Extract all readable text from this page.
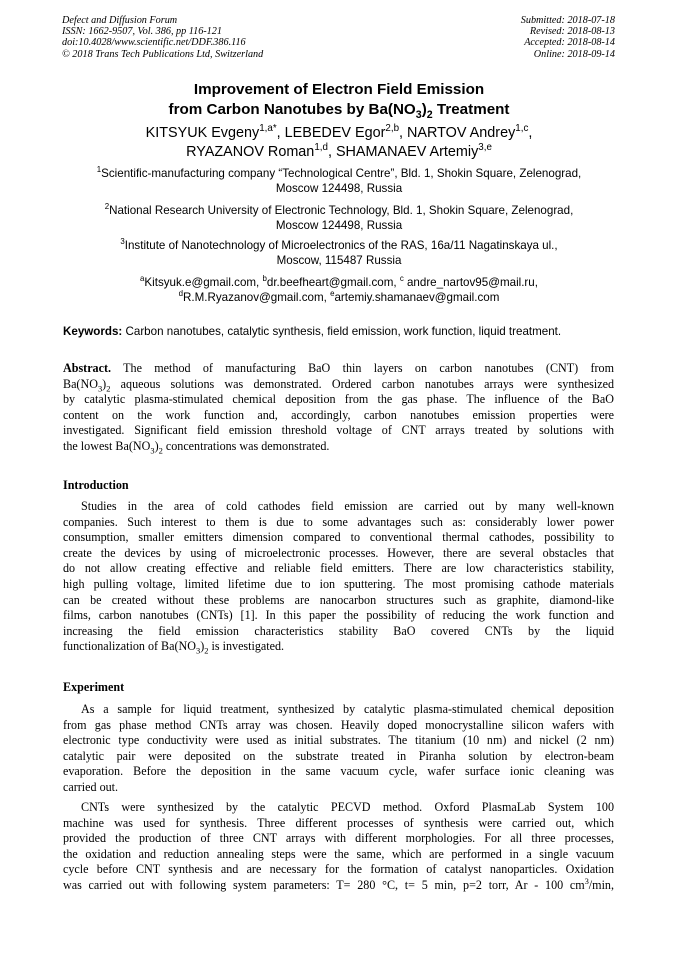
Defect and Diffusion Forum
ISSN: 1662-9507, Vol. 386, pp 116-121
doi:10.4028/www.scientific.net/DDF.386.116
© 2018 Trans Tech Publications Ltd, Switzerland
Submitted: 2018-07-18
Revised: 2018-08-13
Accepted: 2018-08-14
Online: 2018-09-14
Improvement of Electron Field Emission
from Carbon Nanotubes by $Ba(NO_3)_2$ Treatment
KITSYUK Evgeny$^{1,a*}$, LEBEDEV Egor$^{2,b}$, NARTOV Andrey$^{1,c}$,
RYAZANOV Roman$^{1,d}$, SHAMANAEV Artemiy$^{3,e}$
$^1$Scientific-manufacturing company “Technological Centre”, Bld. 1, Shokin Square, Zelenograd,
Moscow 124498, Russia
$^2$National Research University of Electronic Technology, Bld. 1, Shokin Square, Zelenograd,
Moscow 124498, Russia
$^3$Institute of Nanotechnology of Microelectronics of the RAS, 16a/11 Nagatinskaya ul.,
Moscow, 115487 Russia
$^a$Kitsyuk.e@gmail.com, $^b$dr.beefheart@gmail.com, $^c$ andre_nartov95@mail.ru,
$^d$R.M.Ryazanov@gmail.com, $^e$artemiy.shamanaev@gmail.com
Keywords: Carbon nanotubes, catalytic synthesis, field emission, work function, liquid treatment.
Abstract. The method of manufacturing BaO thin layers on carbon nanotubes (CNT) from
$Ba(NO_3)_2$ aqueous solutions was demonstrated. Ordered carbon nanotubes arrays were synthesized
by catalytic plasma-stimulated chemical deposition from the gas phase. The influence of the BaO
content on the work function and, accordingly, carbon nanotubes emission properties were
investigated. Significant field emission threshold voltage of CNT arrays treated by solutions with
the lowest $Ba(NO_3)_2$ concentrations was demonstrated.
Introduction
Studies in the area of cold cathodes field emission are carried out by many well-known
companies. Such interest to them is due to some advantages such as: considerably lower power
consumption, smaller emitters dimension compared to conventional thermal cathodes, possibility to
create the devices by using of microelectronic processes. However, there are several obstacles that
do not allow creating effective and reliable field emitters. There are low characteristics stability,
high pulling voltage, limited lifetime due to ion sputtering. The most promising cathode materials
can be created without these problems are nanocarbon structures such as graphite, diamond-like
films, carbon nanotubes (CNTs) [1]. In this paper the possibility of reducing the work function and
increasing the field emission characteristics stability BaO covered CNTs by the liquid
functionalization of $Ba(NO_3)_2$ is investigated.
Experiment
As a sample for liquid treatment, synthesized by catalytic plasma-stimulated chemical deposition
from gas phase method CNTs array was chosen. Heavily doped monocrystalline silicon wafers with
electronic type conductivity were used as initial substrates. The titanium (10 nm) and nickel (2 nm)
catalytic pair were deposited on the substrate treated in Piranha solution by electron-beam
evaporation. Before the deposition in the same vacuum cycle, wafer surface ionic cleaning was
carried out.
CNTs were synthesized by the catalytic PECVD method. Oxford PlasmaLab System 100
machine was used for synthesis. Three different processes of synthesis were carried out, which
provided the production of three CNT arrays with different morphologies. For all three processes,
the oxidation and reduction annealing steps were the same, which are performed in a single vacuum
cycle before CNT synthesis and are necessary for the formation of catalyst nanoparticles. Oxidation
was carried out with following system parameters: T= 280 °C, t= 5 min, p=2 torr, Ar - 100 $cm^3/\min$,
